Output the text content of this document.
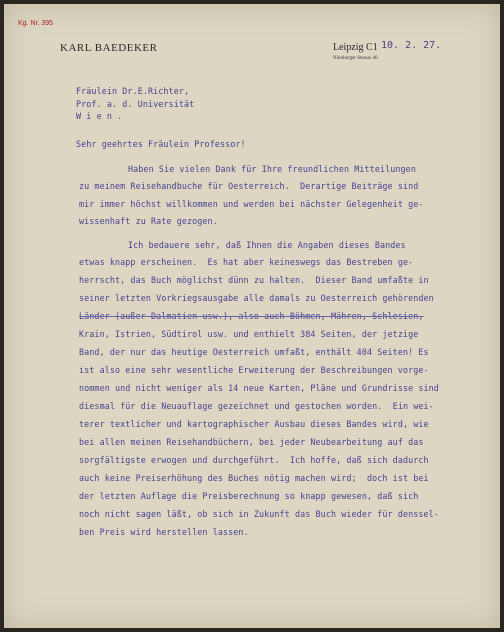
Kg. Nr. 395
KARL BAEDEKER	Leipzig C1 10. 2. 27.
Nürnberger Strasse 46
Fräulein Dr.E.Richter,
Prof. a. d. Universität
W i e n .
Sehr geehrtes Fräulein Professor!
Haben Sie vielen Dank für Ihre freundlichen Mitteilungen
zu meinem Reisehandbuche für Oesterreich.  Derartige Beiträge sind
mir immer höchst willkommen und werden bei nächster Gelegenheit ge-
wissenhaft zu Rate gezogen.
Ich bedauere sehr, daß Ihnen die Angaben dieses Bandes
etwas knapp erscheinen.  Es hat aber keineswegs das Bestreben ge-
herrscht, das Buch möglichst dünn zu halten.  Dieser Band umfaßte in
seiner letzten Vorkriegsausgabe alle damals zu Oesterreich gehörenden
Länder (außer Dalmatien usw.), also auch Böhmen, Mähren, Schlesien,
Krain, Istrien, Südtirol usw. und enthielt 384 Seiten, der jetzige
Band, der nur das heutige Oesterreich umfaßt, enthält 404 Seiten! Es
ist also eine sehr wesentliche Erweiterung der Beschreibungen vorge-
nommen und nicht weniger als 14 neue Karten, Pläne und Grundrisse sind
diesmal für die Neuauflage gezeichnet und gestochen worden.  Ein wei-
terer textlicher und kartographischer Ausbau dieses Bandes wird, wie
bei allen meinen Reisehandbüchern, bei jeder Neubearbeitung auf das
sorgfältigste erwogen und durchgeführt.  Ich hoffe, daß sich dadurch
auch keine Preiserhöhung des Buches nötig machen wird;  doch ist bei
der letzten Auflage die Preisberechnung so knapp gewesen, daß sich
noch nicht sagen läßt, ob sich in Zukunft das Buch wieder für denssel-
ben Preis wird herstellen lassen.
